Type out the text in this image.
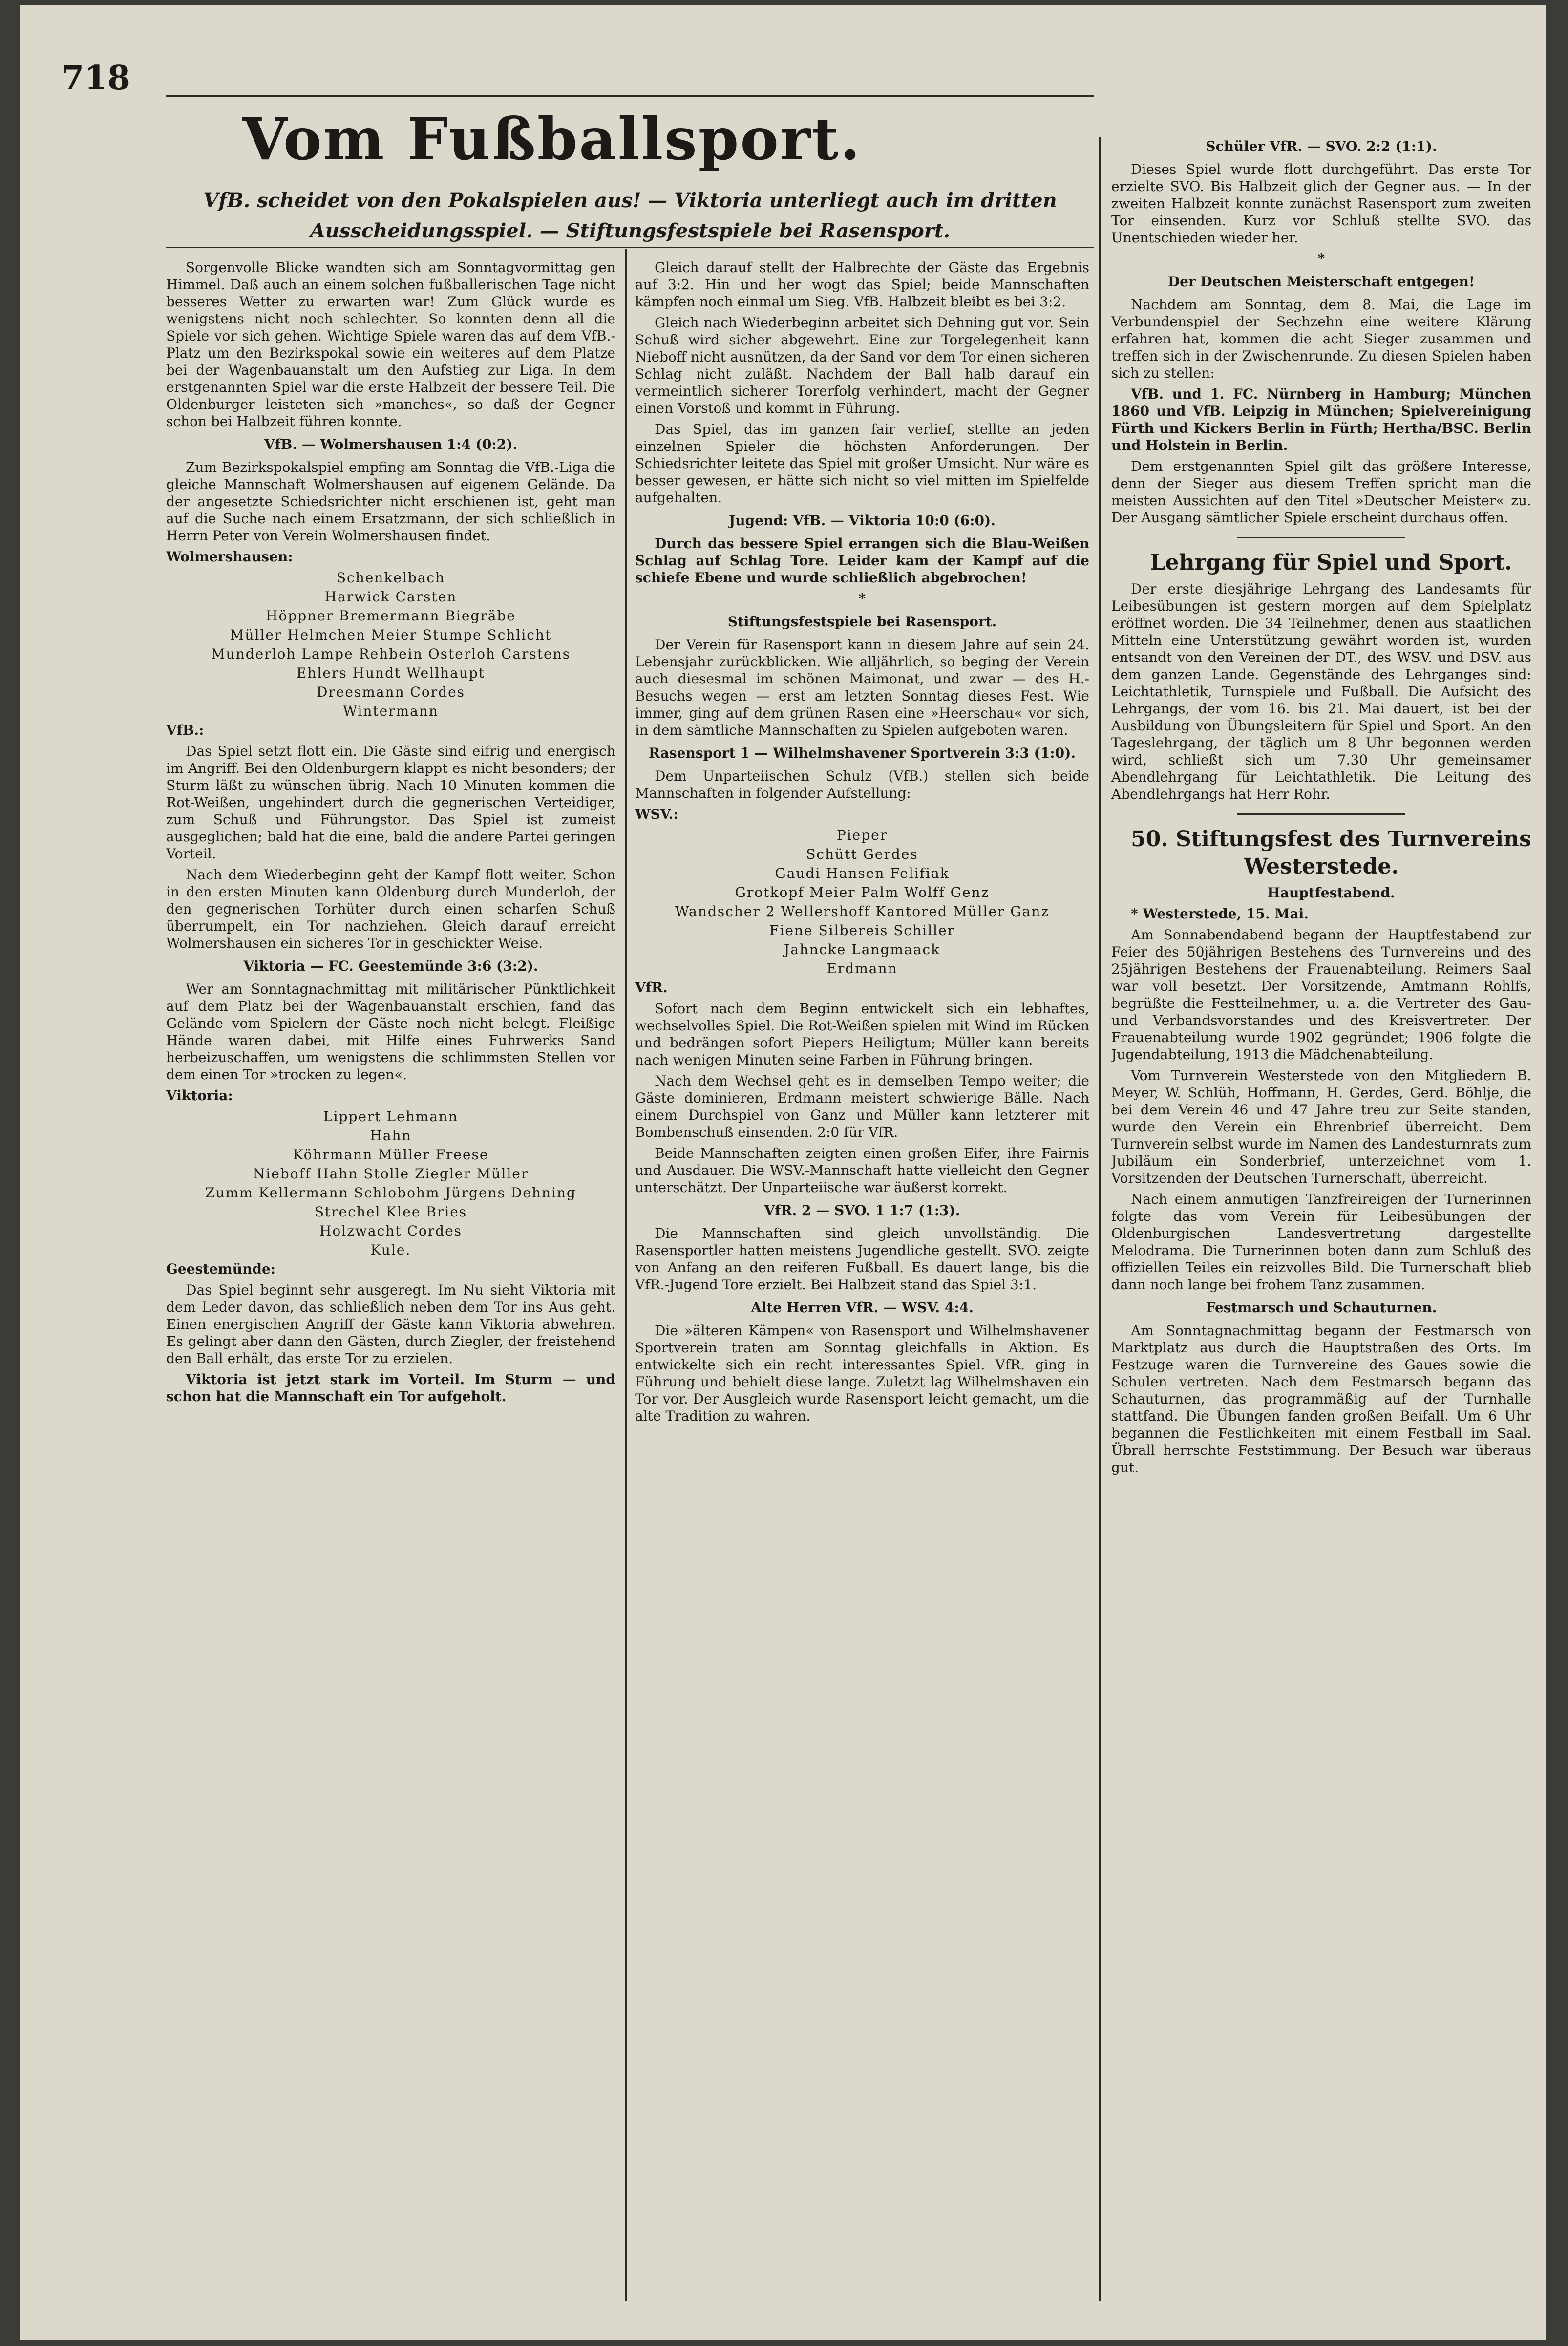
718
Vom Fußballsport.
VfB. scheidet von den Pokalspielen aus! — Viktoria unterliegt auch im dritten Ausscheidungsspiel. — Stiftungsfestspiele bei Rasensport.

Sorgenvolle Blicke wandten sich am Sonntagvormittag gen Himmel. Daß auch an einem solchen fußballerischen Tage nicht besseres Wetter zu erwarten war! Zum Glück wurde es wenigstens nicht noch schlechter. So konnten denn all die Spiele vor sich gehen. Wichtige Spiele waren das auf dem VfB.-Platz um den Bezirkspokal sowie ein weiteres auf dem Platze bei der Wagenbauanstalt um den Aufstieg zur Liga. In dem erstgenannten Spiel war die erste Halbzeit der bessere Teil. Die Oldenburger leisteten sich »manches«, so daß der Gegner schon bei Halbzeit führen konnte.

VfB. — Wolmershausen 1:4 (0:2).

Zum Bezirkspokalspiel empfing am Sonntag die VfB.-Liga die gleiche Mannschaft Wolmershausen auf eigenem Gelände. Da der angesetzte Schiedsrichter nicht erschienen ist, geht man auf die Suche nach einem Ersatzmann, der sich schließlich in Herrn Peter von Verein Wolmershausen findet.

Wolmershausen:

Schenkelbach

Harwick Carsten

Höppner Bremermann Biegräbe

Müller Helmchen Meier Stumpe Schlicht

Munderloh Lampe Rehbein Osterloh Carstens

Ehlers Hundt Wellhaupt

Dreesmann Cordes

Wintermann

VfB.:

Das Spiel setzt flott ein. Die Gäste sind eifrig und energisch im Angriff. Bei den Oldenburgern klappt es nicht besonders; der Sturm läßt zu wünschen übrig. Nach 10 Minuten kommen die Rot-Weißen, ungehindert durch die gegnerischen Verteidiger, zum Schuß und Führungstor. Das Spiel ist zumeist ausgeglichen; bald hat die eine, bald die andere Partei geringen Vorteil.

Nach dem Wiederbeginn geht der Kampf flott weiter. Schon in den ersten Minuten kann Oldenburg durch Munderloh, der den gegnerischen Torhüter durch einen scharfen Schuß überrumpelt, ein Tor nachziehen. Gleich darauf erreicht Wolmershausen ein sicheres Tor in geschickter Weise.

Viktoria — FC. Geestemünde 3:6 (3:2).

Wer am Sonntagnachmittag mit militärischer Pünktlichkeit auf dem Platz bei der Wagenbauanstalt erschien, fand das Gelände vom Spielern der Gäste noch nicht belegt. Fleißige Hände waren dabei, mit Hilfe eines Fuhrwerks Sand herbeizuschaffen, um wenigstens die schlimmsten Stellen vor dem einen Tor »trocken zu legen«.

Viktoria:

Lippert Lehmann

Hahn

Köhrmann Müller Freese

Nieboff Hahn Stolle Ziegler Müller

Zumm Kellermann Schlobohm Jürgens Dehning

Strechel Klee Bries

Holzwacht Cordes

Kule.

Geestemünde:

Das Spiel beginnt sehr ausgeregt. Im Nu sieht Viktoria mit dem Leder davon, das schließlich neben dem Tor ins Aus geht. Einen energischen Angriff der Gäste kann Viktoria abwehren. Es gelingt aber dann den Gästen, durch Ziegler, der freistehend den Ball erhält, das erste Tor zu erzielen.

Viktoria ist jetzt stark im Vorteil. Im Sturm — und schon hat die Mannschaft ein Tor aufgeholt.

Gleich darauf stellt der Halbrechte der Gäste das Ergebnis auf 3:2. Hin und her wogt das Spiel; beide Mannschaften kämpfen noch einmal um Sieg. VfB. Halbzeit bleibt es bei 3:2.

Gleich nach Wiederbeginn arbeitet sich Dehning gut vor. Sein Schuß wird sicher abgewehrt. Eine zur Torgelegenheit kann Nieboff nicht ausnützen, da der Sand vor dem Tor einen sicheren Schlag nicht zuläßt. Nachdem der Ball halb darauf ein vermeintlich sicherer Torerfolg verhindert, macht der Gegner einen Vorstoß und kommt in Führung.

Das Spiel, das im ganzen fair verlief, stellte an jeden einzelnen Spieler die höchsten Anforderungen. Der Schiedsrichter leitete das Spiel mit großer Umsicht. Nur wäre es besser gewesen, er hätte sich nicht so viel mitten im Spielfelde aufgehalten.

Jugend: VfB. — Viktoria 10:0 (6:0).

Durch das bessere Spiel errangen sich die Blau-Weißen Schlag auf Schlag Tore. Leider kam der Kampf auf die schiefe Ebene und wurde schließlich abgebrochen!

*

Stiftungsfestspiele bei Rasensport.

Der Verein für Rasensport kann in diesem Jahre auf sein 24. Lebensjahr zurückblicken. Wie alljährlich, so beging der Verein auch diesesmal im schönen Maimonat, und zwar — des H.-Besuchs wegen — erst am letzten Sonntag dieses Fest. Wie immer, ging auf dem grünen Rasen eine »Heerschau« vor sich, in dem sämtliche Mannschaften zu Spielen aufgeboten waren.

Rasensport 1 — Wilhelmshavener Sportverein 3:3 (1:0).

Dem Unparteiischen Schulz (VfB.) stellen sich beide Mannschaften in folgender Aufstellung:

WSV.:

Pieper

Schütt Gerdes

Gaudi Hansen Felifiak

Grotkopf Meier Palm Wolff Genz

Wandscher 2 Wellershoff Kantored Müller Ganz

Fiene Silbereis Schiller

Jahncke Langmaack

Erdmann

VfR.

Sofort nach dem Beginn entwickelt sich ein lebhaftes, wechselvolles Spiel. Die Rot-Weißen spielen mit Wind im Rücken und bedrängen sofort Piepers Heiligtum; Müller kann bereits nach wenigen Minuten seine Farben in Führung bringen.

Nach dem Wechsel geht es in demselben Tempo weiter; die Gäste dominieren, Erdmann meistert schwierige Bälle. Nach einem Durchspiel von Ganz und Müller kann letzterer mit Bombenschuß einsenden. 2:0 für VfR.

Beide Mannschaften zeigten einen großen Eifer, ihre Fairnis und Ausdauer. Die WSV.-Mannschaft hatte vielleicht den Gegner unterschätzt. Der Unparteiische war äußerst korrekt.

VfR. 2 — SVO. 1 1:7 (1:3).

Die Mannschaften sind gleich unvollständig. Die Rasensportler hatten meistens Jugendliche gestellt. SVO. zeigte von Anfang an den reiferen Fußball. Es dauert lange, bis die VfR.-Jugend Tore erzielt. Bei Halbzeit stand das Spiel 3:1.

Alte Herren VfR. — WSV. 4:4.

Die »älteren Kämpen« von Rasensport und Wilhelmshavener Sportverein traten am Sonntag gleichfalls in Aktion. Es entwickelte sich ein recht interessantes Spiel. VfR. ging in Führung und behielt diese lange. Zuletzt lag Wilhelmshaven ein Tor vor. Der Ausgleich wurde Rasensport leicht gemacht, um die alte Tradition zu wahren.

Schüler VfR. — SVO. 2:2 (1:1).

Dieses Spiel wurde flott durchgeführt. Das erste Tor erzielte SVO. Bis Halbzeit glich der Gegner aus. — In der zweiten Halbzeit konnte zunächst Rasensport zum zweiten Tor einsenden. Kurz vor Schluß stellte SVO. das Unentschieden wieder her.

*

Der Deutschen Meisterschaft entgegen!

Nachdem am Sonntag, dem 8. Mai, die Lage im Verbundenspiel der Sechzehn eine weitere Klärung erfahren hat, kommen die acht Sieger zusammen und treffen sich in der Zwischenrunde. Zu diesen Spielen haben sich zu stellen:

VfB. und 1. FC. Nürnberg in Hamburg; München 1860 und VfB. Leipzig in München; Spielvereinigung Fürth und Kickers Berlin in Fürth; Hertha/BSC. Berlin und Holstein in Berlin.

Dem erstgenannten Spiel gilt das größere Interesse, denn der Sieger aus diesem Treffen spricht man die meisten Aussichten auf den Titel »Deutscher Meister« zu. Der Ausgang sämtlicher Spiele erscheint durchaus offen.

Lehrgang für Spiel und Sport.

Der erste diesjährige Lehrgang des Landesamts für Leibesübungen ist gestern morgen auf dem Spielplatz eröffnet worden. Die 34 Teilnehmer, denen aus staatlichen Mitteln eine Unterstützung gewährt worden ist, wurden entsandt von den Vereinen der DT., des WSV. und DSV. aus dem ganzen Lande. Gegenstände des Lehrganges sind: Leichtathletik, Turnspiele und Fußball. Die Aufsicht des Lehrgangs, der vom 16. bis 21. Mai dauert, ist bei der Ausbildung von Übungsleitern für Spiel und Sport. An den Tageslehrgang, der täglich um 8 Uhr begonnen werden wird, schließt sich um 7.30 Uhr gemeinsamer Abendlehrgang für Leichtathletik. Die Leitung des Abendlehrgangs hat Herr Rohr.

50. Stiftungsfest des Turnvereins Westerstede.

Hauptfestabend.

* Westerstede, 15. Mai.

Am Sonnabendabend begann der Hauptfestabend zur Feier des 50jährigen Bestehens des Turnvereins und des 25jährigen Bestehens der Frauenabteilung. Reimers Saal war voll besetzt. Der Vorsitzende, Amtmann Rohlfs, begrüßte die Festteilnehmer, u. a. die Vertreter des Gau- und Verbandsvorstandes und des Kreisvertreter. Der Frauenabteilung wurde 1902 gegründet; 1906 folgte die Jugendabteilung, 1913 die Mädchenabteilung.

Vom Turnverein Westerstede von den Mitgliedern B. Meyer, W. Schlüh, Hoffmann, H. Gerdes, Gerd. Böhlje, die bei dem Verein 46 und 47 Jahre treu zur Seite standen, wurde den Verein ein Ehrenbrief überreicht. Dem Turnverein selbst wurde im Namen des Landesturnrats zum Jubiläum ein Sonderbrief, unterzeichnet vom 1. Vorsitzenden der Deutschen Turnerschaft, überreicht.

Nach einem anmutigen Tanzfreireigen der Turnerinnen folgte das vom Verein für Leibesübungen der Oldenburgischen Landesvertretung dargestellte Melodrama. Die Turnerinnen boten dann zum Schluß des offiziellen Teiles ein reizvolles Bild. Die Turnerschaft blieb dann noch lange bei frohem Tanz zusammen.

Festmarsch und Schauturnen.

Am Sonntagnachmittag begann der Festmarsch von Marktplatz aus durch die Hauptstraßen des Orts. Im Festzuge waren die Turnvereine des Gaues sowie die Schulen vertreten. Nach dem Festmarsch begann das Schauturnen, das programmäßig auf der Turnhalle stattfand. Die Übungen fanden großen Beifall. Um 6 Uhr begannen die Festlichkeiten mit einem Festball im Saal. Übrall herrschte Feststimmung. Der Besuch war überaus gut.
